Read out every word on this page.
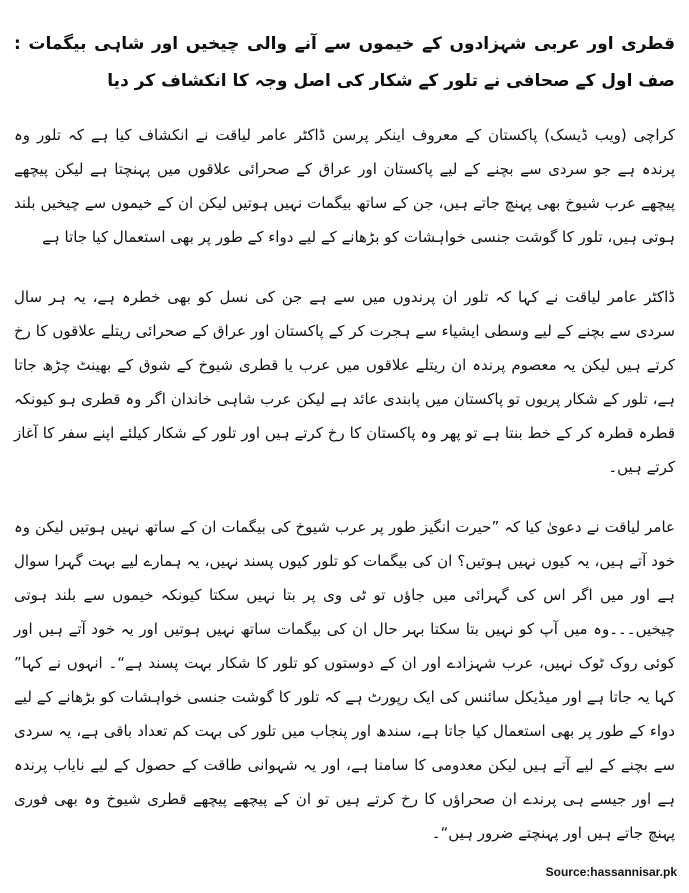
قطری اور عربی شہزادوں کے خیموں سے آنے والی چیخیں اور شاہی بیگمات : صف اول کے صحافی نے تلور کے شکار کی اصل وجہ کا انکشاف کر دیا

کراچی (ویب ڈیسک) پاکستان کے معروف اینکر پرسن ڈاکٹر عامر لیاقت نے انکشاف کیا ہے کہ تلور وہ پرندہ ہے جو سردی سے بچنے کے لیے پاکستان اور عراق کے صحرائی علاقوں میں پہنچتا ہے لیکن پیچھے پیچھے عرب شیوخ بھی پہنچ جاتے ہیں، جن کے ساتھ بیگمات نہیں ہوتیں لیکن ان کے خیموں سے چیخیں بلند ہوتی ہیں، تلور کا گوشت جنسی خواہشات کو بڑھانے کے لیے دواء کے طور پر بھی استعمال کیا جاتا ہے

ڈاکٹر عامر لیاقت نے کہا کہ تلور ان پرندوں میں سے ہے جن کی نسل کو بھی خطرہ ہے، یہ ہر سال سردی سے بچنے کے لیے وسطی ایشیاء سے ہجرت کر کے پاکستان اور عراق کے صحرائی ریتلے علاقوں کا رخ کرتے ہیں لیکن یہ معصوم پرندہ ان ریتلے علاقوں میں عرب یا قطری شیوخ کے شوق کے بھینٹ چڑھ جاتا ہے، تلور کے شکار پریوں تو پاکستان میں پابندی عائد ہے لیکن عرب شاہی خاندان اگر وہ قطری ہو کیونکہ قطرہ قطرہ کر کے خط بنتا ہے تو پھر وہ پاکستان کا رخ کرتے ہیں اور تلور کے شکار کیلئے اپنے سفر کا آغاز کرتے ہیں۔

عامر لیاقت نے دعویٰ کیا کہ ”حیرت انگیز طور پر عرب شیوخ کی بیگمات ان کے ساتھ نہیں ہوتیں لیکن وہ خود آتے ہیں، یہ کیوں نہیں ہوتیں؟ ان کی بیگمات کو تلور کیوں پسند نہیں، یہ ہمارے لیے بہت گہرا سوال ہے اور میں اگر اس کی گہرائی میں جاؤں تو ٹی وی پر بتا نہیں سکتا کیونکہ خیموں سے بلند ہوتی چیخیں۔۔۔وہ میں آپ کو نہیں بتا سکتا بہر حال ان کی بیگمات ساتھ نہیں ہوتیں اور یہ خود آتے ہیں اور کوئی روک ٹوک نہیں، عرب شہزادے اور ان کے دوستوں کو تلور کا شکار بہت پسند ہے“۔ انہوں نے کہا” کہا یہ جاتا ہے اور میڈیکل سائنس کی ایک رپورٹ ہے کہ تلور کا گوشت جنسی خواہشات کو بڑھانے کے لیے دواء کے طور پر بھی استعمال کیا جاتا ہے، سندھ اور پنجاب میں تلور کی بہت کم تعداد باقی ہے، یہ سردی سے بچنے کے لیے آتے ہیں لیکن معدومی کا سامنا ہے، اور یہ شہوانی طاقت کے حصول کے لیے نایاب پرندہ ہے اور جیسے ہی پرندے ان صحراؤں کا رخ کرتے ہیں تو ان کے پیچھے پیچھے قطری شیوخ وہ بھی فوری پہنچ جاتے ہیں اور پہنچتے ضرور ہیں“۔

Source:hassannisar.pk
